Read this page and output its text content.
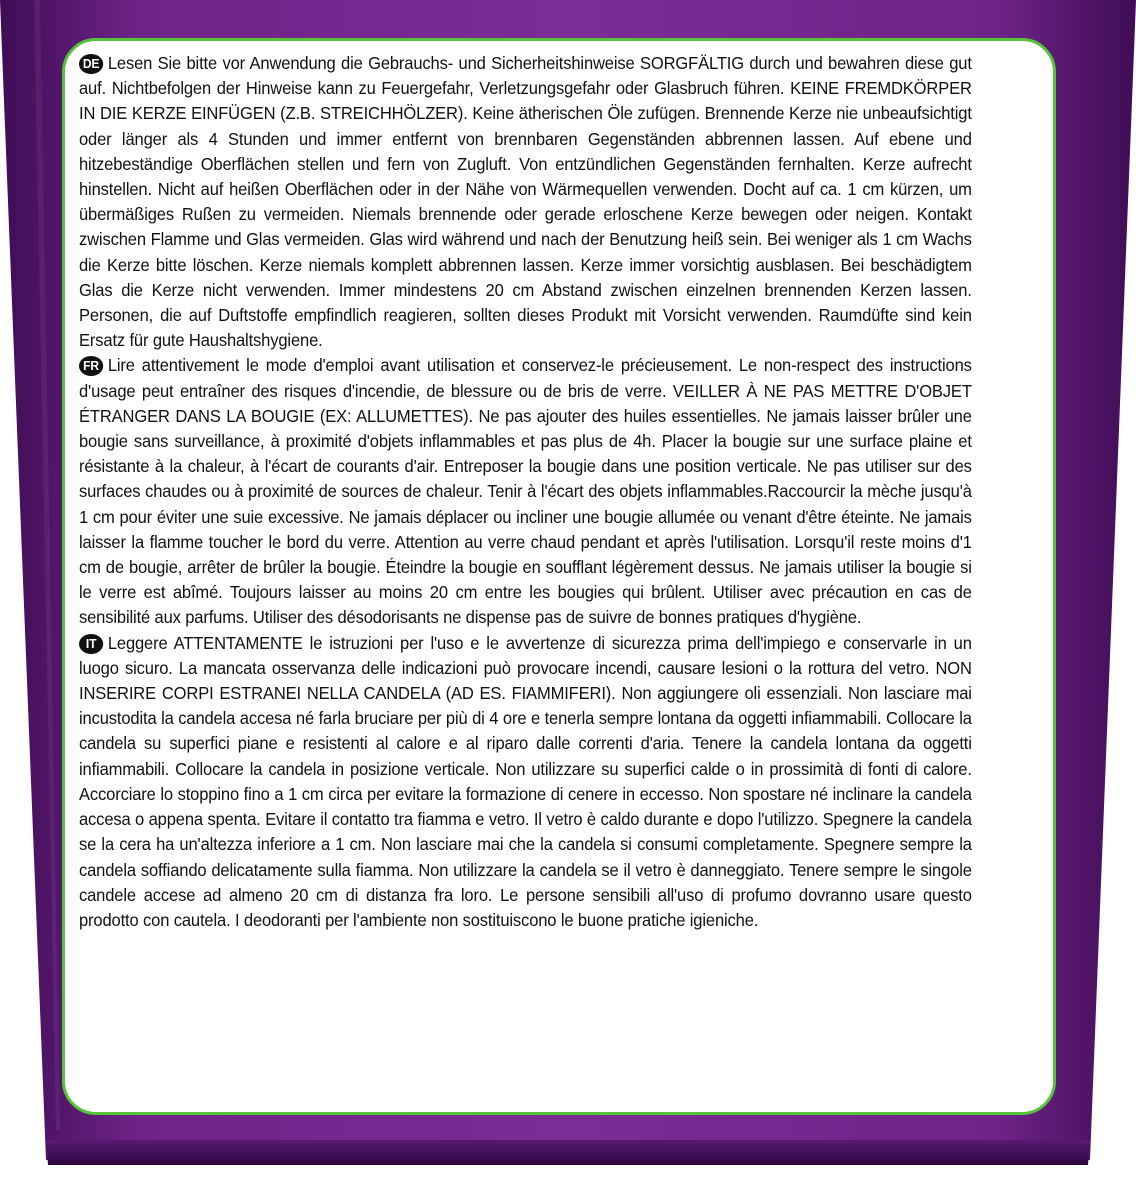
DE Lesen Sie bitte vor Anwendung die Gebrauchs- und Sicherheitshinweise SORGFÄLTIG durch und bewahren diese gut auf. Nichtbefolgen der Hinweise kann zu Feuergefahr, Verletzungsgefahr oder Glasbruch führen. KEINE FREMDKÖRPER IN DIE KERZE EINFÜGEN (Z.B. STREICHHÖLZER). Keine ätherischen Öle zufügen. Brennende Kerze nie unbeaufsichtigt oder länger als 4 Stunden und immer entfernt von brennbaren Gegenständen abbrennen lassen. Auf ebene und hitzebeständige Oberflächen stellen und fern von Zugluft. Von entzündlichen Gegenständen fernhalten. Kerze aufrecht hinstellen. Nicht auf heißen Oberflächen oder in der Nähe von Wärmequellen verwenden. Docht auf ca. 1 cm kürzen, um übermäßiges Rußen zu vermeiden. Niemals brennende oder gerade erloschene Kerze bewegen oder neigen. Kontakt zwischen Flamme und Glas vermeiden. Glas wird während und nach der Benutzung heiß sein. Bei weniger als 1 cm Wachs die Kerze bitte löschen. Kerze niemals komplett abbrennen lassen. Kerze immer vorsichtig ausblasen. Bei beschädigtem Glas die Kerze nicht verwenden. Immer mindestens 20 cm Abstand zwischen einzelnen brennenden Kerzen lassen. Personen, die auf Duftstoffe empfindlich reagieren, sollten dieses Produkt mit Vorsicht verwenden. Raumdüfte sind kein Ersatz für gute Haushaltshygiene.

FR Lire attentivement le mode d'emploi avant utilisation et conservez-le précieusement. Le non-respect des instructions d'usage peut entraîner des risques d'incendie, de blessure ou de bris de verre. VEILLER À NE PAS METTRE D'OBJET ÉTRANGER DANS LA BOUGIE (EX: ALLUMETTES). Ne pas ajouter des huiles essentielles. Ne jamais laisser brûler une bougie sans surveillance, à proximité d'objets inflammables et pas plus de 4h. Placer la bougie sur une surface plaine et résistante à la chaleur, à l'écart de courants d'air. Entreposer la bougie dans une position verticale. Ne pas utiliser sur des surfaces chaudes ou à proximité de sources de chaleur. Tenir à l'écart des objets inflammables.Raccourcir la mèche jusqu'à 1 cm pour éviter une suie excessive. Ne jamais déplacer ou incliner une bougie allumée ou venant d'être éteinte. Ne jamais laisser la flamme toucher le bord du verre. Attention au verre chaud pendant et après l'utilisation. Lorsqu'il reste moins d'1 cm de bougie, arrêter de brûler la bougie. Éteindre la bougie en soufflant légèrement dessus. Ne jamais utiliser la bougie si le verre est abîmé. Toujours laisser au moins 20 cm entre les bougies qui brûlent. Utiliser avec précaution en cas de sensibilité aux parfums. Utiliser des désodorisants ne dispense pas de suivre de bonnes pratiques d'hygiène.

IT Leggere ATTENTAMENTE le istruzioni per l'uso e le avvertenze di sicurezza prima dell'impiego e conservarle in un luogo sicuro. La mancata osservanza delle indicazioni può provocare incendi, causare lesioni o la rottura del vetro. NON INSERIRE CORPI ESTRANEI NELLA CANDELA (AD ES. FIAMMIFERI). Non aggiungere oli essenziali. Non lasciare mai incustodita la candela accesa né farla bruciare per più di 4 ore e tenerla sempre lontana da oggetti infiammabili. Collocare la candela su superfici piane e resistenti al calore e al riparo dalle correnti d'aria. Tenere la candela lontana da oggetti infiammabili. Collocare la candela in posizione verticale. Non utilizzare su superfici calde o in prossimità di fonti di calore. Accorciare lo stoppino fino a 1 cm circa per evitare la formazione di cenere in eccesso. Non spostare né inclinare la candela accesa o appena spenta. Evitare il contatto tra fiamma e vetro. Il vetro è caldo durante e dopo l'utilizzo. Spegnere la candela se la cera ha un'altezza inferiore a 1 cm. Non lasciare mai che la candela si consumi completamente. Spegnere sempre la candela soffiando delicatamente sulla fiamma. Non utilizzare la candela se il vetro è danneggiato. Tenere sempre le singole candele accese ad almeno 20 cm di distanza fra loro. Le persone sensibili all'uso di profumo dovranno usare questo prodotto con cautela. I deodoranti per l'ambiente non sostituiscono le buone pratiche igieniche.
